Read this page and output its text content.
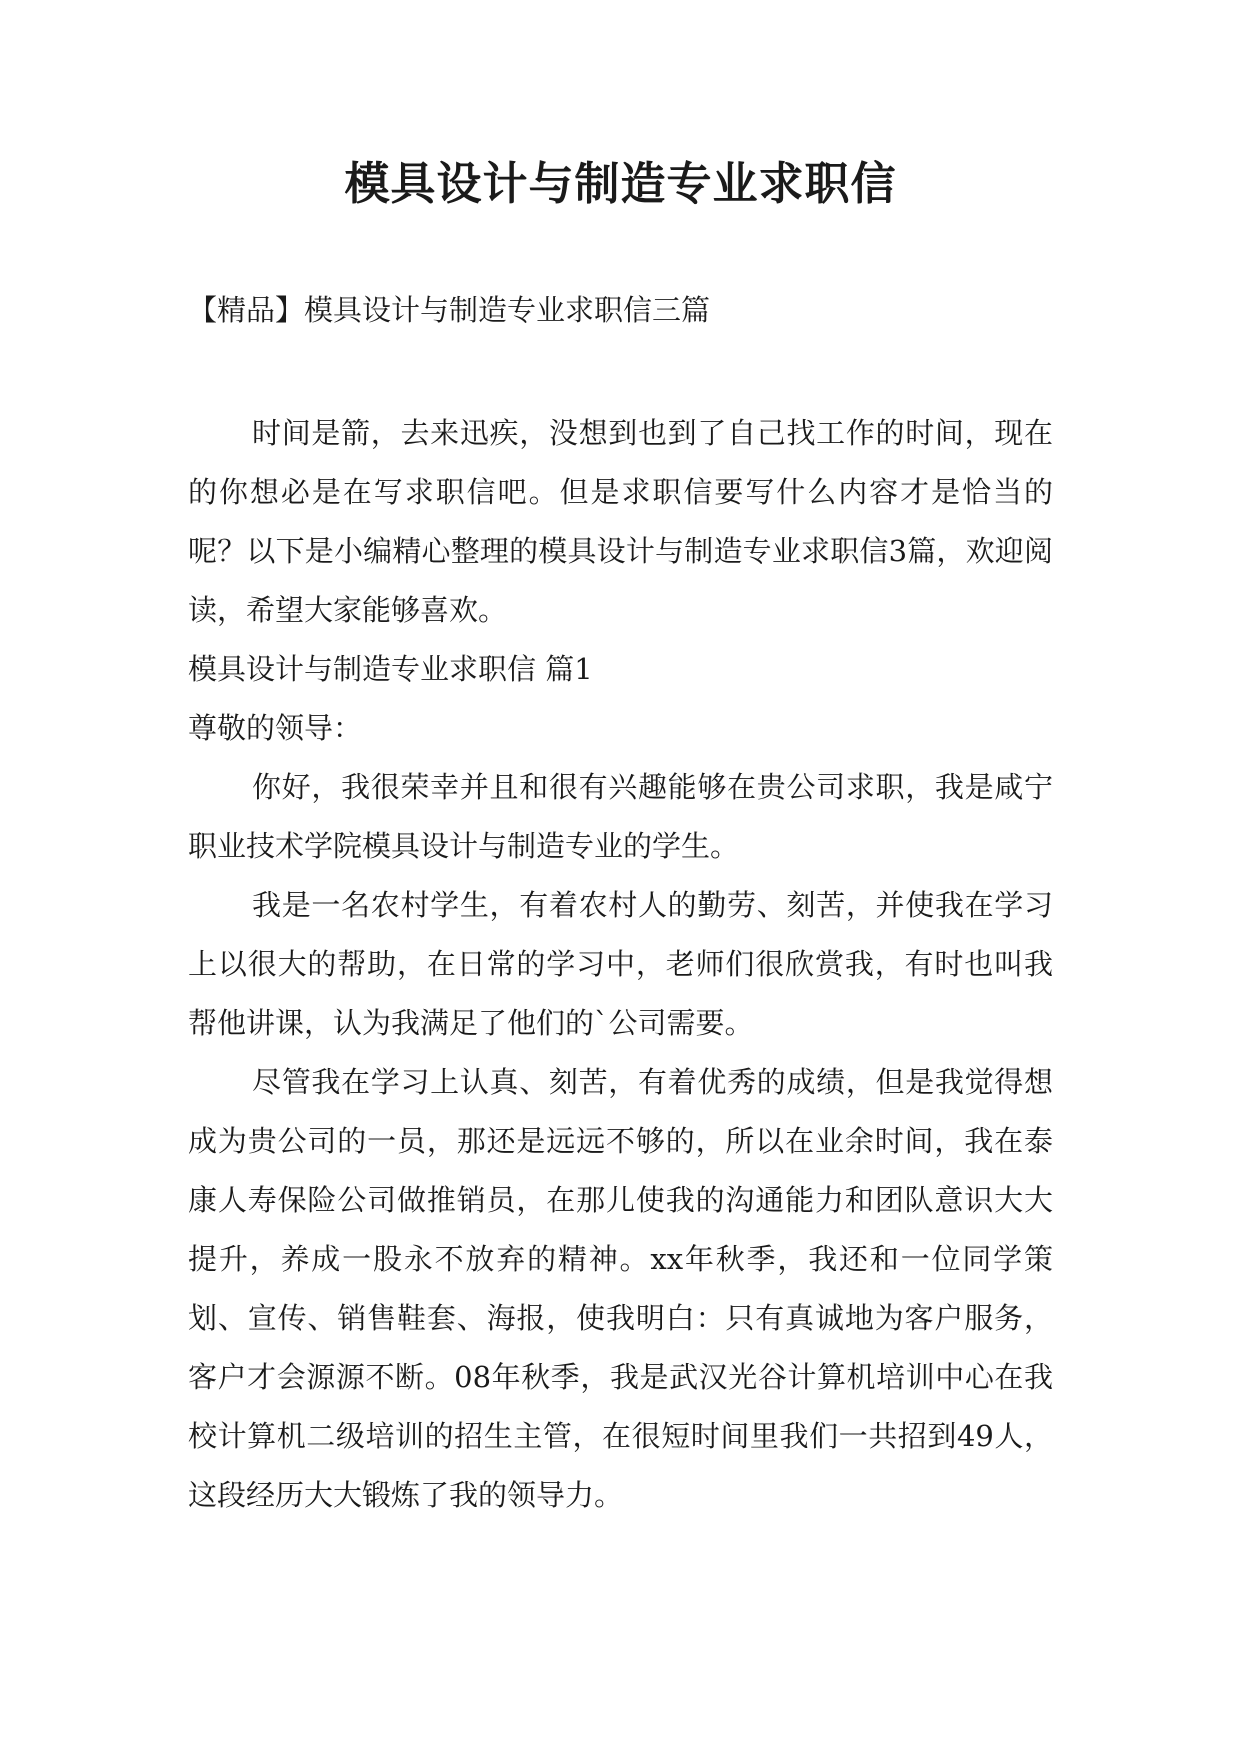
模具设计与制造专业求职信

【精品】模具设计与制造专业求职信三篇

时间是箭，去来迅疾，没想到也到了自己找工作的时间，现在的你想必是在写求职信吧。但是求职信要写什么内容才是恰当的呢？以下是小编精心整理的模具设计与制造专业求职信3篇，欢迎阅读，希望大家能够喜欢。

模具设计与制造专业求职信 篇1

尊敬的领导：

你好，我很荣幸并且和很有兴趣能够在贵公司求职，我是咸宁职业技术学院模具设计与制造专业的学生。

我是一名农村学生，有着农村人的勤劳、刻苦，并使我在学习上以很大的帮助，在日常的学习中，老师们很欣赏我，有时也叫我帮他讲课，认为我满足了他们的`公司需要。

尽管我在学习上认真、刻苦，有着优秀的成绩，但是我觉得想成为贵公司的一员，那还是远远不够的，所以在业余时间，我在泰康人寿保险公司做推销员，在那儿使我的沟通能力和团队意识大大提升，养成一股永不放弃的精神。xx年秋季，我还和一位同学策划、宣传、销售鞋套、海报，使我明白：只有真诚地为客户服务，客户才会源源不断。08年秋季，我是武汉光谷计算机培训中心在我校计算机二级培训的招生主管，在很短时间里我们一共招到49人，这段经历大大锻炼了我的领导力。
